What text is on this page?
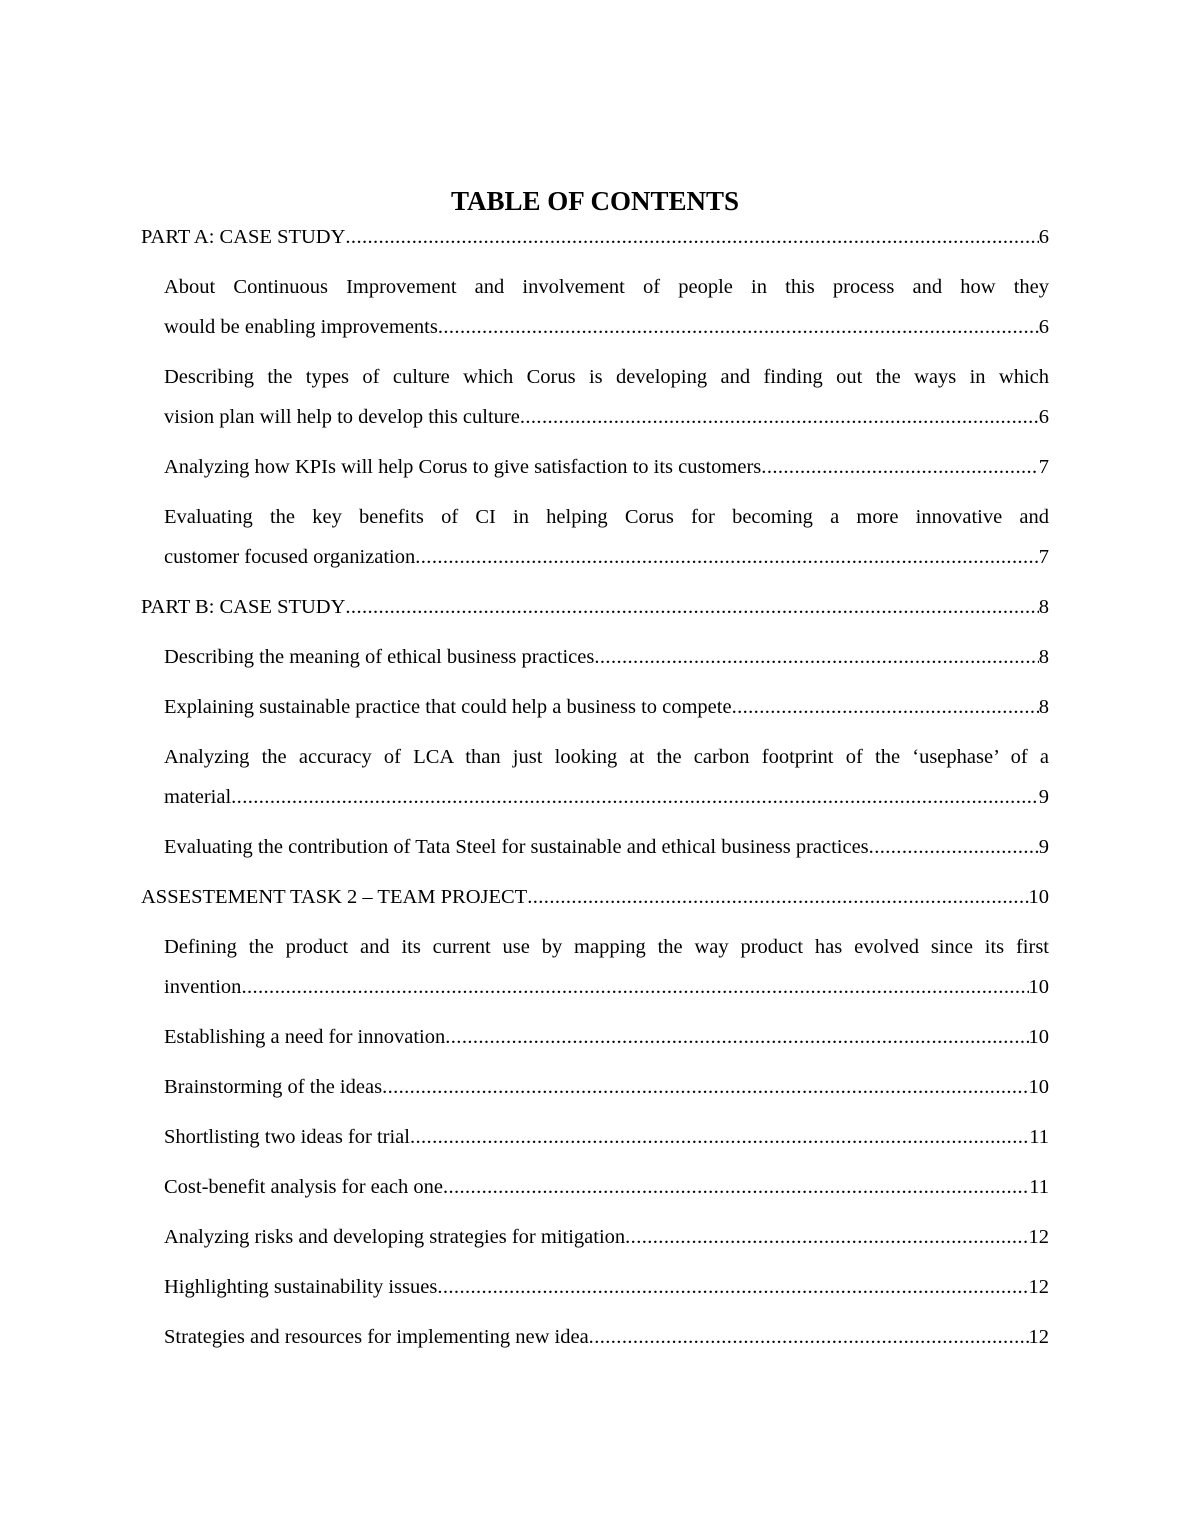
TABLE OF CONTENTS
PART A: CASE STUDY .....	6
About Continuous Improvement and involvement of people in this process and how they
would be enabling improvements .....	6
Describing the types of culture which Corus is developing and finding out the ways in which
vision plan will help to develop this culture .....	6
Analyzing how KPIs will help Corus to give satisfaction to its customers .....	7
Evaluating the key benefits of CI in helping Corus for becoming a more innovative and
customer focused organization .....	7
PART B: CASE STUDY .....	8
Describing the meaning of ethical business practices .....	8
Explaining sustainable practice that could help a business to compete .....	8
Analyzing the accuracy of LCA than just looking at the carbon footprint of the ‘usephase’ of a
material .....	9
Evaluating the contribution of Tata Steel for sustainable and ethical business practices .....	9
ASSESTEMENT TASK 2 – TEAM PROJECT .....	10
Defining the product and its current use by mapping the way product has evolved since its first
invention .....	10
Establishing a need for innovation .....	10
Brainstorming of the ideas .....	10
Shortlisting two ideas for trial .....	11
Cost-benefit analysis for each one .....	11
Analyzing risks and developing strategies for mitigation .....	12
Highlighting sustainability issues .....	12
Strategies and resources for implementing new idea .....	12
